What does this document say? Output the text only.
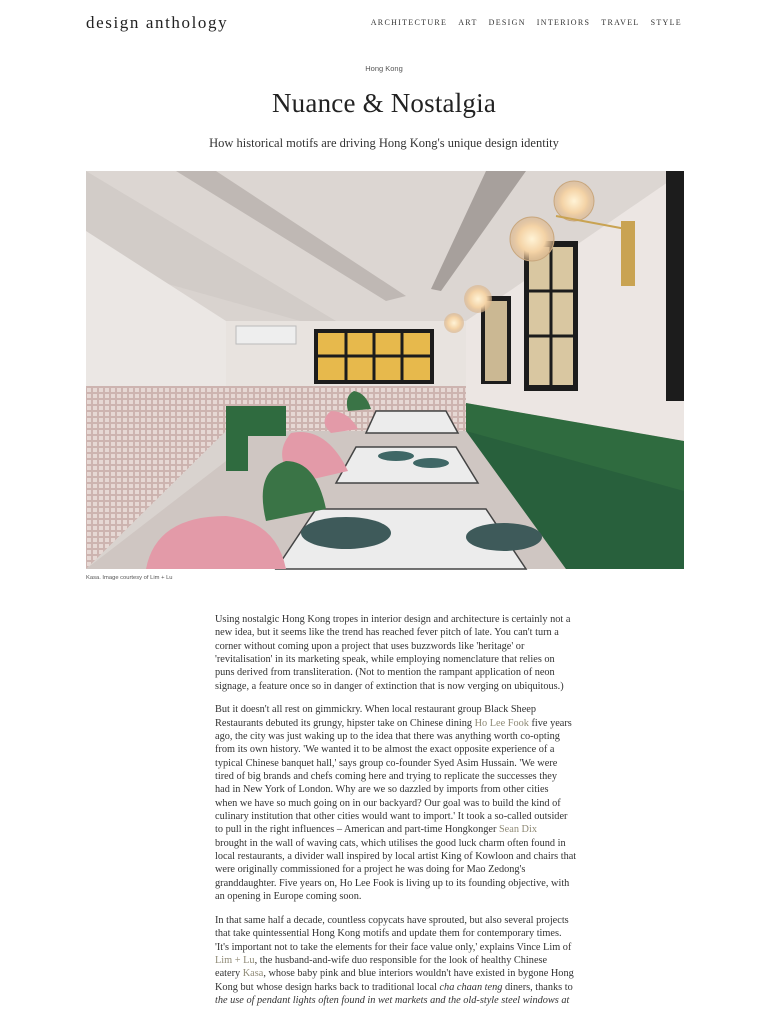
design anthology	ARCHITECTURE ART DESIGN INTERIORS TRAVEL STYLE
Hong Kong
Nuance & Nostalgia
How historical motifs are driving Hong Kong's unique design identity
Kasa. Image courtesy of Lim + Lu

Using nostalgic Hong Kong tropes in interior design and architecture is certainly not a
new idea, but it seems like the trend has reached fever pitch of late. You can't turn a
corner without coming upon a project that uses buzzwords like 'heritage' or
'revitalisation' in its marketing speak, while employing nomenclature that relies on
puns derived from transliteration. (Not to mention the rampant application of neon
signage, a feature once so in danger of extinction that is now verging on ubiquitous.)

But it doesn't all rest on gimmickry. When local restaurant group Black Sheep
Restaurants debuted its grungy, hipster take on Chinese dining Ho Lee Fook five years
ago, the city was just waking up to the idea that there was anything worth co-opting
from its own history. 'We wanted it to be almost the exact opposite experience of a
typical Chinese banquet hall,' says group co-founder Syed Asim Hussain. 'We were
tired of big brands and chefs coming here and trying to replicate the successes they
had in New York of London. Why are we so dazzled by imports from other cities
when we have so much going on in our backyard? Our goal was to build the kind of
culinary institution that other cities would want to import.' It took a so-called outsider
to pull in the right influences – American and part-time Hongkonger Sean Dix
brought in the wall of waving cats, which utilises the good luck charm often found in
local restaurants, a divider wall inspired by local artist King of Kowloon and chairs that
were originally commissioned for a project he was doing for Mao Zedong's
granddaughter. Five years on, Ho Lee Fook is living up to its founding objective, with
an opening in Europe coming soon.

In that same half a decade, countless copycats have sprouted, but also several projects
that take quintessential Hong Kong motifs and update them for contemporary times.
'It's important not to take the elements for their face value only,' explains Vince Lim of
Lim + Lu, the husband-and-wife duo responsible for the look of healthy Chinese
eatery Kasa, whose baby pink and blue interiors wouldn't have existed in bygone Hong
Kong but whose design harks back to traditional local cha chaan teng diners, thanks to
the use of pendant lights often found in wet markets and the old-style steel windows at
